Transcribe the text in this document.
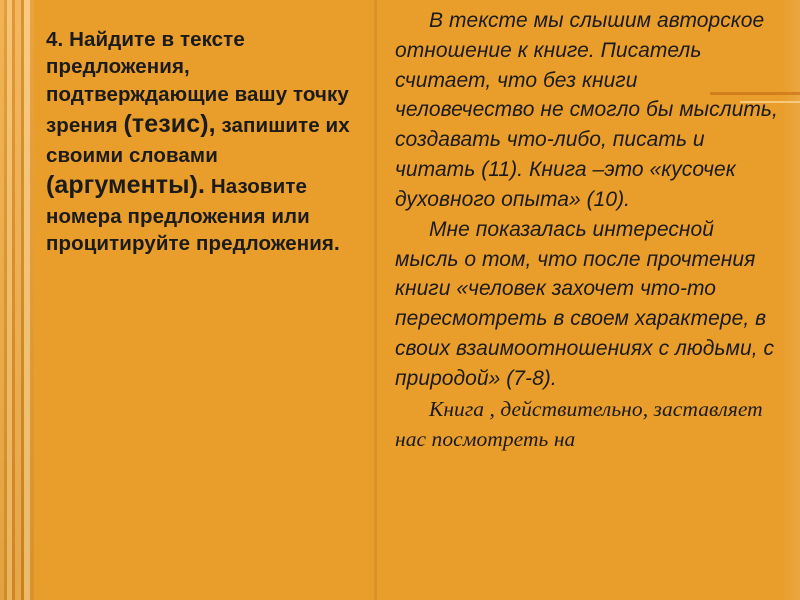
4. Найдите в тексте предложения, подтверждающие вашу точку зрения (тезис), запишите их своими словами (аргументы). Назовите номера предложения или процитируйте предложения.

В тексте мы слышим авторское отношение к книге. Писатель считает, что без книги человечество не смогло бы мыслить, создавать что-либо, писать и читать (11). Книга –это «кусочек духовного опыта» (10).

Мне показалась интересной мысль о том, что после прочтения книги «человек захочет что-то пересмотреть в своем характере, в своих взаимоотношениях с людьми, с природой» (7-8).

Книга , действительно, заставляет нас посмотреть на
